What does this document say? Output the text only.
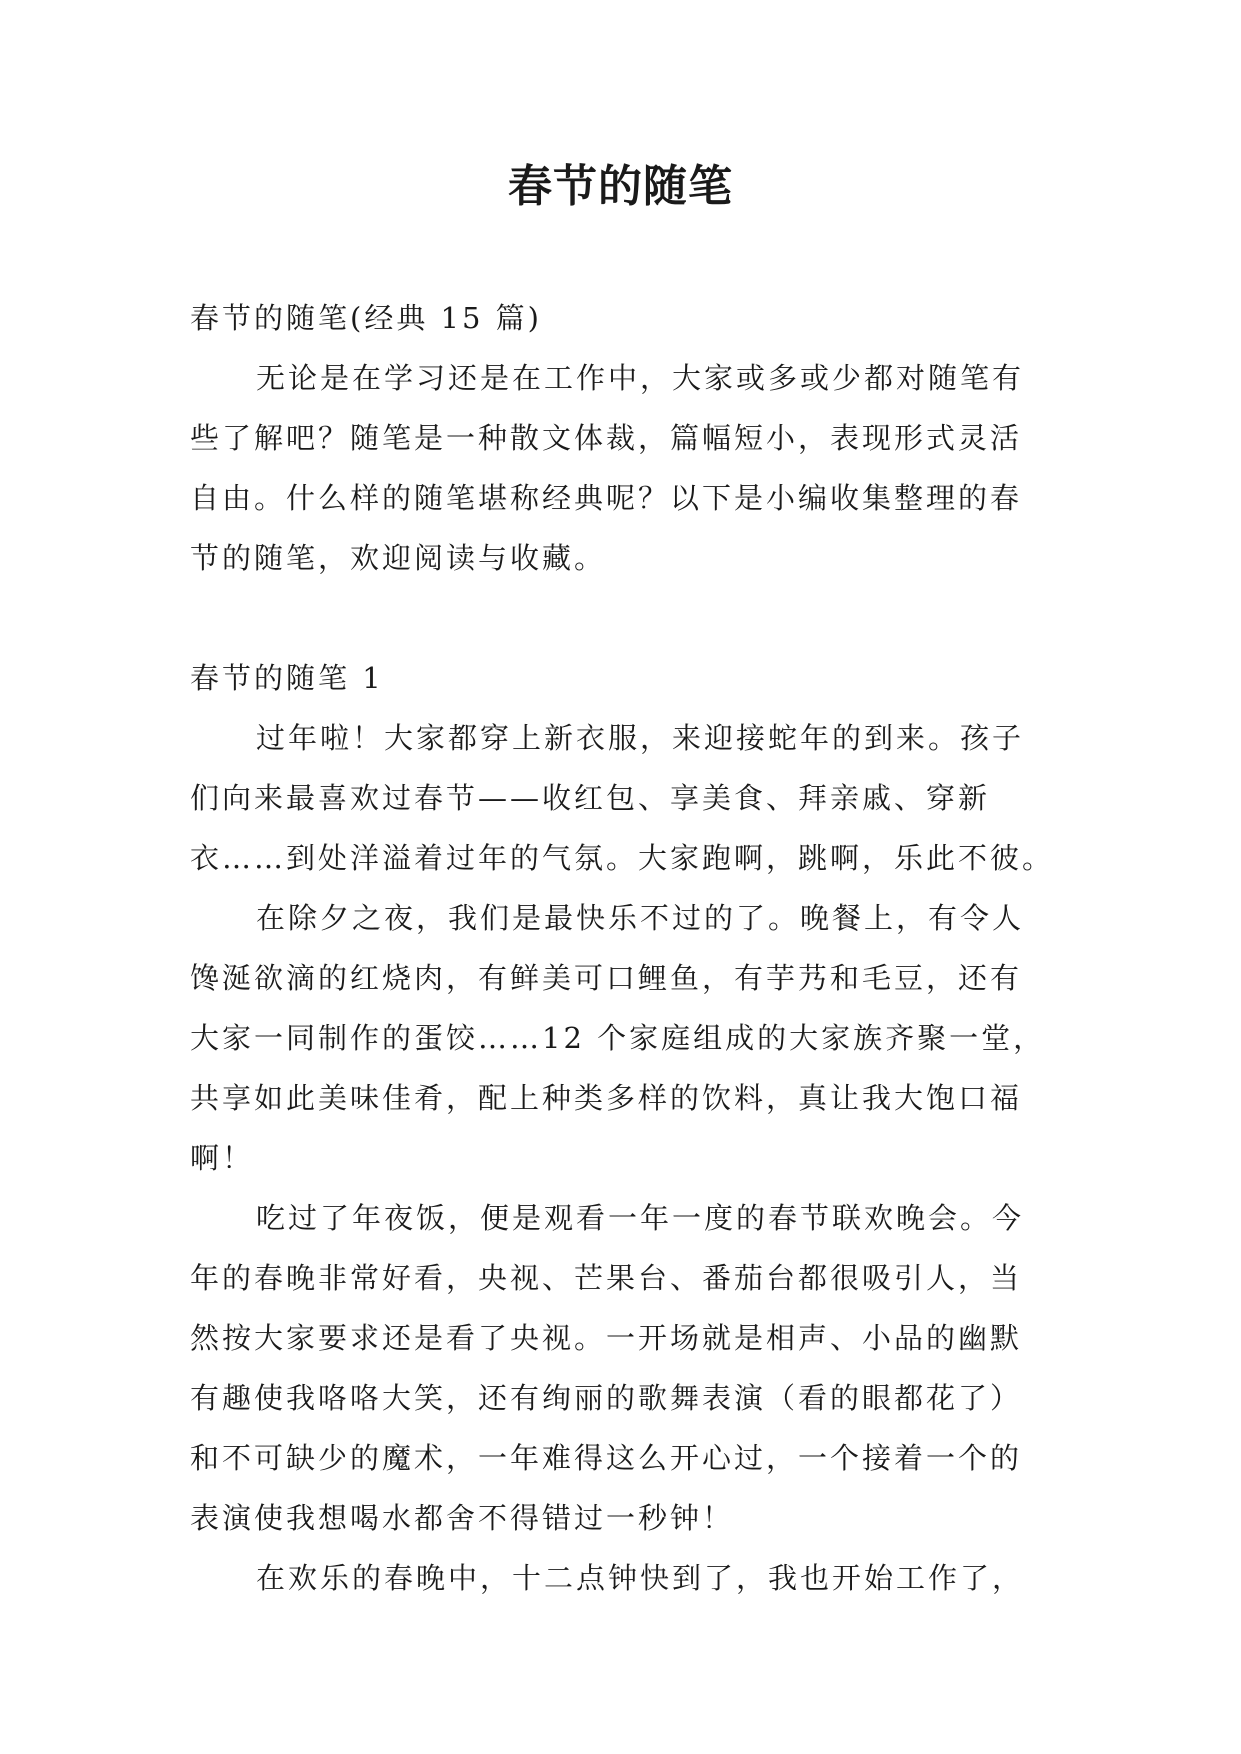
春节的随笔

春节的随笔(经典 15 篇)

无论是在学习还是在工作中，大家或多或少都对随笔有

些了解吧？随笔是一种散文体裁，篇幅短小，表现形式灵活

自由。什么样的随笔堪称经典呢？以下是小编收集整理的春

节的随笔，欢迎阅读与收藏。

春节的随笔 1

过年啦！大家都穿上新衣服，来迎接蛇年的到来。孩子

们向来最喜欢过春节——收红包、享美食、拜亲戚、穿新

衣……到处洋溢着过年的气氛。大家跑啊，跳啊，乐此不彼。

在除夕之夜，我们是最快乐不过的了。晚餐上，有令人

馋涎欲滴的红烧肉，有鲜美可口鲤鱼，有芋艿和毛豆，还有

大家一同制作的蛋饺……12 个家庭组成的大家族齐聚一堂，

共享如此美味佳肴，配上种类多样的饮料，真让我大饱口福

啊！

吃过了年夜饭，便是观看一年一度的春节联欢晚会。今

年的春晚非常好看，央视、芒果台、番茄台都很吸引人，当

然按大家要求还是看了央视。一开场就是相声、小品的幽默

有趣使我咯咯大笑，还有绚丽的歌舞表演（看的眼都花了）

和不可缺少的魔术，一年难得这么开心过，一个接着一个的

表演使我想喝水都舍不得错过一秒钟！

在欢乐的春晚中，十二点钟快到了，我也开始工作了，
